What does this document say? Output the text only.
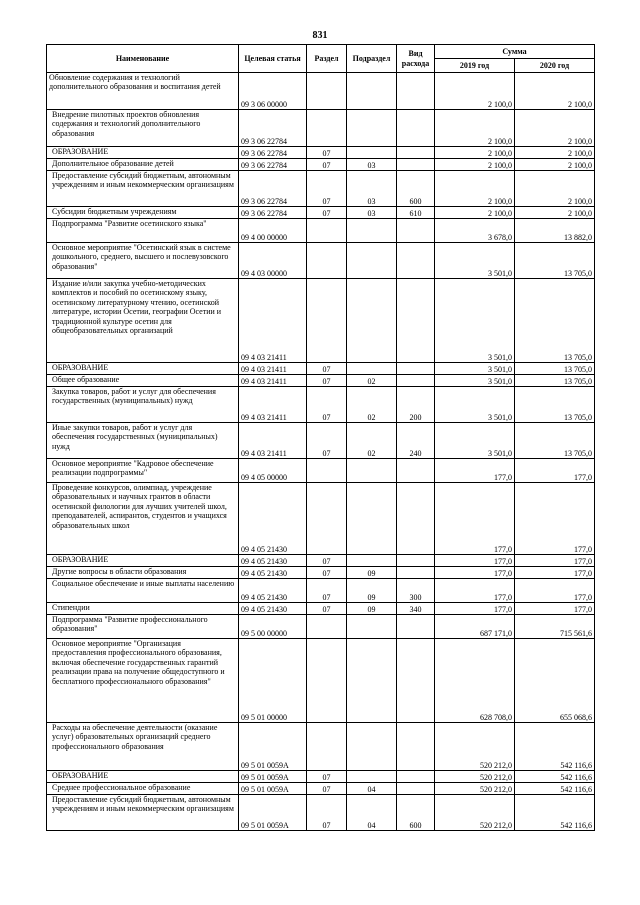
831
Наименование	Целевая статья	Раздел	Подраздел	Вид расхода	Сумма	
					2019 год	2020 год
Обновление содержания и технологий дополнительного образования и воспитания детей	09 3 06 00000				2 100,0	2 100,0
Внедрение пилотных проектов обновления содержания и технологий дополнительного образования	09 3 06 22784				2 100,0	2 100,0
ОБРАЗОВАНИЕ	09 3 06 22784	07			2 100,0	2 100,0
Дополнительное образование детей	09 3 06 22784	07	03		2 100,0	2 100,0
Предоставление субсидий бюджетным, автономным учреждениям и иным некоммерческим организациям	09 3 06 22784	07	03	600	2 100,0	2 100,0
Субсидии бюджетным учреждениям	09 3 06 22784	07	03	610	2 100,0	2 100,0
Подпрограмма "Развитие осетинского языка"	09 4 00 00000				3 678,0	13 882,0
Основное мероприятие "Осетинский язык в системе дошкольного, среднего, высшего и послевузовского образования"	09 4 03 00000				3 501,0	13 705,0
Издание и/или закупка учебно-методических комплектов и пособий по осетинскому языку, осетинскому литературному чтению, осетинской литературе, истории Осетии, географии Осетии и традиционной культуре осетин для общеобразовательных организаций	09 4 03 21411				3 501,0	13 705,0
ОБРАЗОВАНИЕ	09 4 03 21411	07			3 501,0	13 705,0
Общее образование	09 4 03 21411	07	02		3 501,0	13 705,0
Закупка товаров, работ и услуг для обеспечения государственных (муниципальных) нужд	09 4 03 21411	07	02	200	3 501,0	13 705,0
Иные закупки товаров, работ и услуг для обеспечения государственных (муниципальных) нужд	09 4 03 21411	07	02	240	3 501,0	13 705,0
Основное мероприятие "Кадровое обеспечение реализации подпрограммы"	09 4 05 00000				177,0	177,0
Проведение конкурсов, олимпиад, учреждение образовательных и научных грантов в области осетинской филологии для лучших учителей школ, преподавателей, аспирантов, студентов и учащихся образовательных школ	09 4 05 21430				177,0	177,0
ОБРАЗОВАНИЕ	09 4 05 21430	07			177,0	177,0
Другие вопросы в области образования	09 4 05 21430	07	09		177,0	177,0
Социальное обеспечение и иные выплаты населению	09 4 05 21430	07	09	300	177,0	177,0
Стипендии	09 4 05 21430	07	09	340	177,0	177,0
Подпрограмма "Развитие профессионального образования"	09 5 00 00000				687 171,0	715 561,6
Основное мероприятие "Организация предоставления профессионального образования, включая обеспечение государственных гарантий реализации права на получение общедоступного и бесплатного профессионального образования"	09 5 01 00000				628 708,0	655 068,6
Расходы на обеспечение деятельности (оказание услуг) образовательных организаций среднего профессионального образования	09 5 01 0059А				520 212,0	542 116,6
ОБРАЗОВАНИЕ	09 5 01 0059А	07			520 212,0	542 116,6
Среднее профессиональное образование	09 5 01 0059А	07	04		520 212,0	542 116,6
Предоставление субсидий бюджетным, автономным учреждениям и иным некоммерческим организациям	09 5 01 0059А	07	04	600	520 212,0	542 116,6
